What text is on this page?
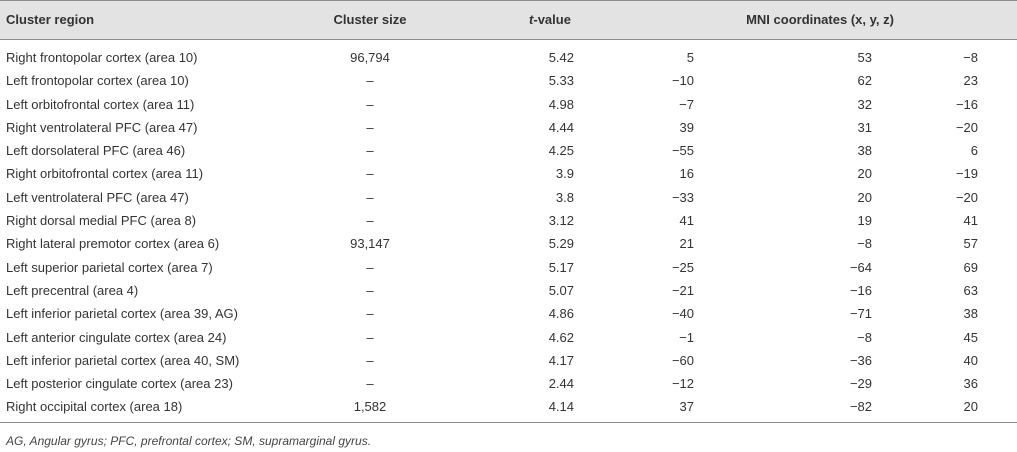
Cluster region	Cluster size	t-value	MNI coordinates (x, y, z)
Right frontopolar cortex (area 10)	96,794	5.42	5	53	−8
Left frontopolar cortex (area 10)	–	5.33	−10	62	23
Left orbitofrontal cortex (area 11)	–	4.98	−7	32	−16
Right ventrolateral PFC (area 47)	–	4.44	39	31	−20
Left dorsolateral PFC (area 46)	–	4.25	−55	38	6
Right orbitofrontal cortex (area 11)	–	3.9	16	20	−19
Left ventrolateral PFC (area 47)	–	3.8	−33	20	−20
Right dorsal medial PFC (area 8)	–	3.12	41	19	41
Right lateral premotor cortex (area 6)	93,147	5.29	21	−8	57
Left superior parietal cortex (area 7)	–	5.17	−25	−64	69
Left precentral (area 4)	–	5.07	−21	−16	63
Left inferior parietal cortex (area 39, AG)	–	4.86	−40	−71	38
Left anterior cingulate cortex (area 24)	–	4.62	−1	−8	45
Left inferior parietal cortex (area 40, SM)	–	4.17	−60	−36	40
Left posterior cingulate cortex (area 23)	–	2.44	−12	−29	36
Right occipital cortex (area 18)	1,582	4.14	37	−82	20
AG, Angular gyrus; PFC, prefrontal cortex; SM, supramarginal gyrus.
